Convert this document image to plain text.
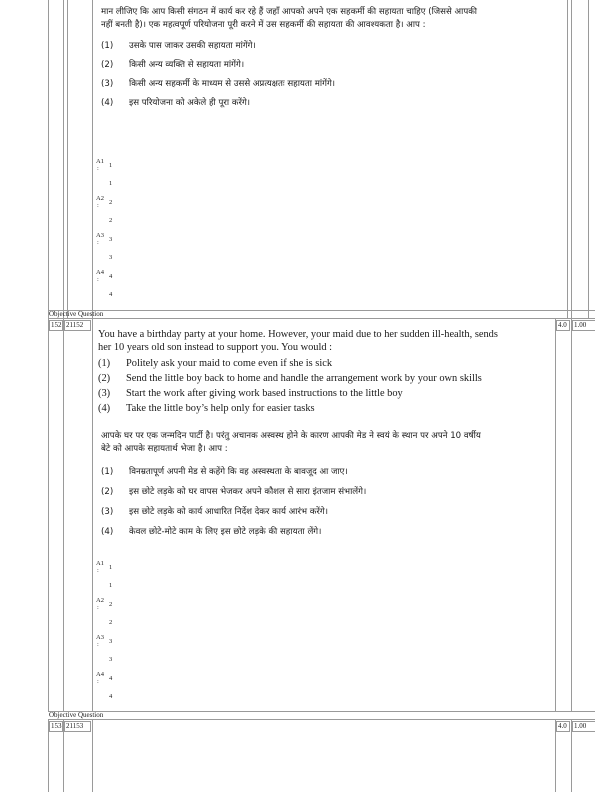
मान लीजिए कि आप किसी संगठन में कार्य कर रहे हैं जहाँ आपको अपने एक सहकर्मी की सहायता चाहिए (जिससे आपकी
नहीं बनती है)। एक महत्वपूर्ण परियोजना पूरी करने में उस सहकर्मी की सहायता की आवश्यकता है। आप :
(1) उसके पास जाकर उसकी सहायता मांगेंगे।
(2) किसी अन्य व्यक्ति से सहायता मांगेंगे।
(3) किसी अन्य सहकर्मी के माध्यम से उससे अप्रत्यक्षतः सहायता मांगेंगे।
(4) इस परियोजना को अकेले ही पूरा करेंगे।
A1
: 1
1
A2
: 2
2
A3
: 3
3
A4
: 4
4
Objective Question
152 21152	4.0	1.00
You have a birthday party at your home. However, your maid due to her sudden ill-health, sends
her 10 years old son instead to support you. You would :
(1) Politely ask your maid to come even if she is sick
(2) Send the little boy back to home and handle the arrangement work by your own skills
(3) Start the work after giving work based instructions to the little boy
(4) Take the little boy’s help only for easier tasks
आपके घर पर एक जन्मदिन पार्टी है। परंतु अचानक अस्वस्थ होने के कारण आपकी मेड ने स्वयं के स्थान पर अपने 10 वर्षीय
बेटे को आपके सहायतार्थ भेजा है। आप :
(1) विनम्रतापूर्ण अपनी मेड से कहेंगे कि वह अस्वस्थता के बावजूद आ जाए।
(2) इस छोटे लड़के को घर वापस भेजकर अपने कौशल से सारा इंतजाम संभालेंगे।
(3) इस छोटे लड़के को कार्य आधारित निर्देश देकर कार्य आरंभ करेंगे।
(4) केवल छोटे-मोटे काम के लिए इस छोटे लड़के की सहायता लेंगे।
A1
: 1
1
A2
: 2
2
A3
: 3
3
A4
: 4
4
Objective Question
153 21153	4.0	1.00
